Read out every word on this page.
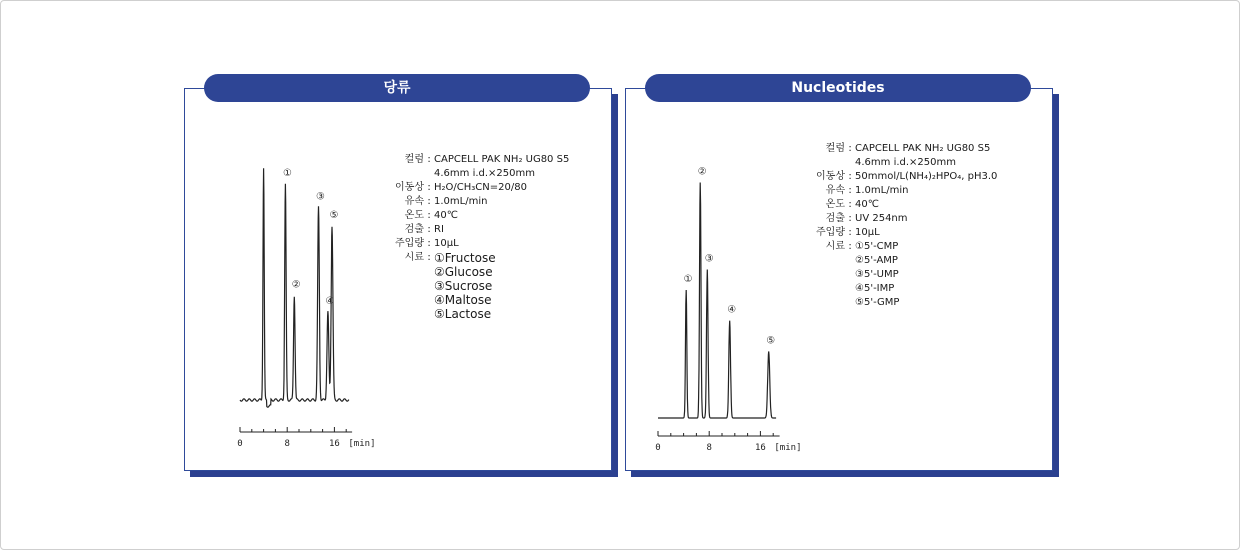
당류
①
②
③
④
⑤
0	8	16 [min]
컬럼 : CAPCELL PAK NH₂ UG80 S5
4.6mm i.d.×250mm
이동상 : H₂O/CH₃CN=20/80
유속 : 1.0mL/min
온도 : 40℃
검출 : RI
주입량 : 10μL
시료 : ①Fructose
②Glucose
③Sucrose
④Maltose
⑤Lactose
Nucleotides
①
②
③
④
⑤
0	8	16 [min]
컬럼 : CAPCELL PAK NH₂ UG80 S5
4.6mm i.d.×250mm
이동상 : 50mmol/L(NH₄)₂HPO₄, pH3.0
유속 : 1.0mL/min
온도 : 40℃
검출 : UV 254nm
주입량 : 10μL
시료 : ①5'-CMP
②5'-AMP
③5'-UMP
④5'-IMP
⑤5'-GMP
